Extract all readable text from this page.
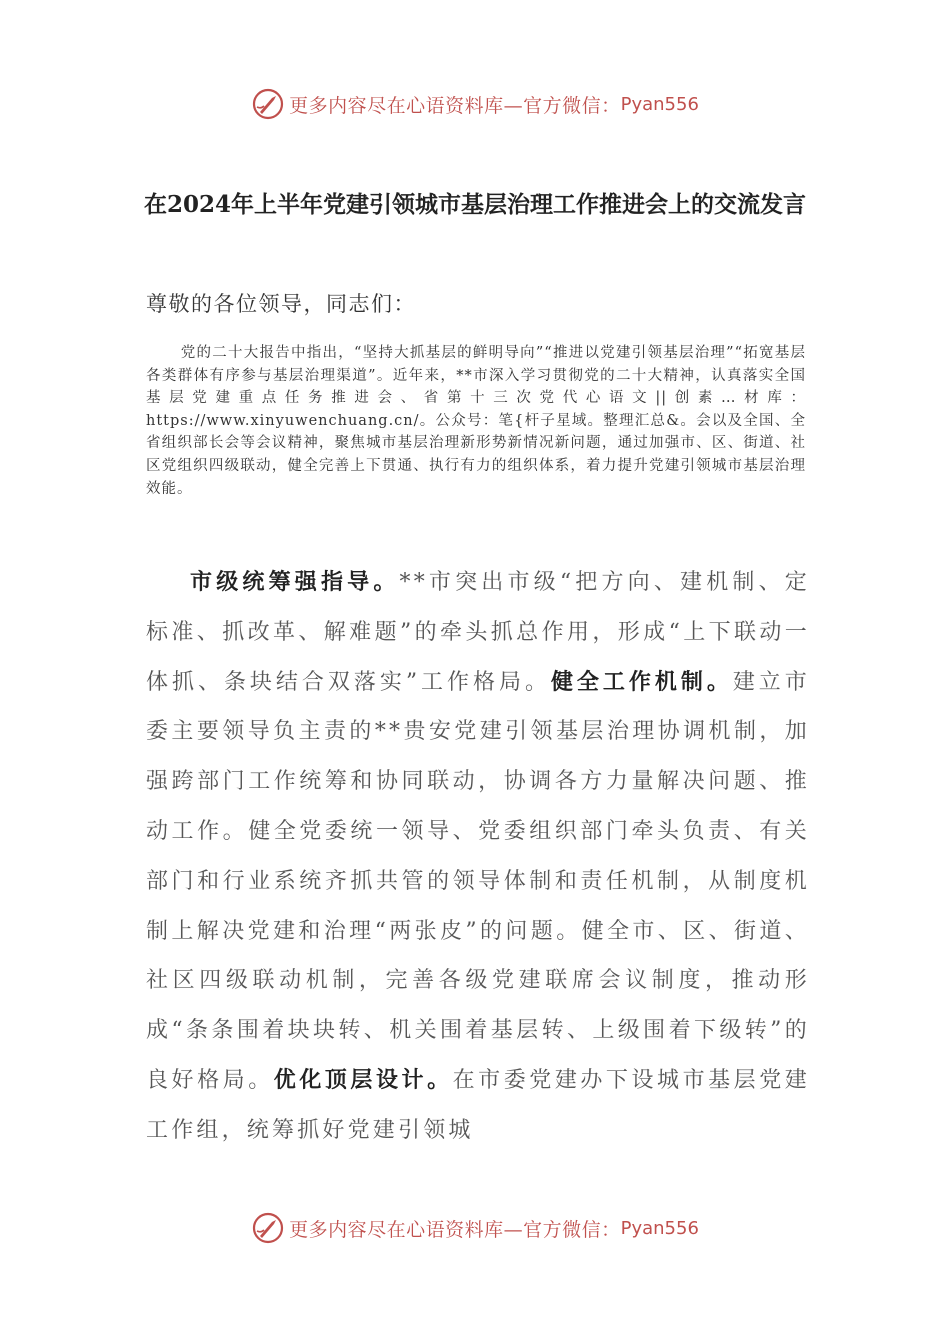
更多内容尽在心语资料库—官方微信： Pyan556
在2024年上半年党建引领城市基层治理工作推进会上的交流发言

尊敬的各位领导，同志们：

党的二十大报告中指出，“坚持大抓基层的鲜明导向”“推进以党建引领基层治理”“拓宽基层各类群体有序参与基层治理渠道”。近年来，**市深入学习贯彻党的二十大精神，认真落实全国基层党建重点任务推进会、省第十三次党代心语文||创素…材库：https://www.xinyuwenchuang.cn/。公众号：笔{杆子星域。整理汇总&。会以及全国、全省组织部长会等会议精神，聚焦城市基层治理新形势新情况新问题，通过加强市、区、街道、社区党组织四级联动，健全完善上下贯通、执行有力的组织体系，着力提升党建引领城市基层治理效能。

市级统筹强指导。**市突出市级“把方向、建机制、定标准、抓改革、解难题”的牵头抓总作用，形成“上下联动一体抓、条块结合双落实”工作格局。健全工作机制。建立市委主要领导负主责的**贵安党建引领基层治理协调机制，加强跨部门工作统筹和协同联动，协调各方力量解决问题、推动工作。健全党委统一领导、党委组织部门牵头负责、有关部门和行业系统齐抓共管的领导体制和责任机制，从制度机制上解决党建和治理“两张皮”的问题。健全市、区、街道、社区四级联动机制，完善各级党建联席会议制度，推动形成“条条围着块块转、机关围着基层转、上级围着下级转”的良好格局。优化顶层设计。在市委党建办下设城市基层党建工作组，统筹抓好党建引领城

更多内容尽在心语资料库—官方微信： Pyan556
